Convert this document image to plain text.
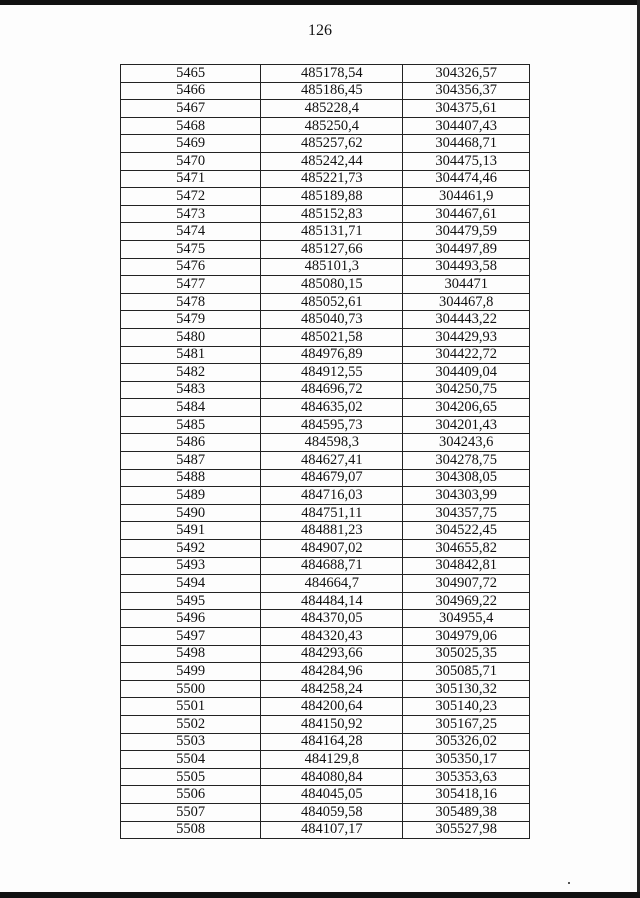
126
5465	485178,54	304326,57
5466	485186,45	304356,37
5467	485228,4	304375,61
5468	485250,4	304407,43
5469	485257,62	304468,71
5470	485242,44	304475,13
5471	485221,73	304474,46
5472	485189,88	304461,9
5473	485152,83	304467,61
5474	485131,71	304479,59
5475	485127,66	304497,89
5476	485101,3	304493,58
5477	485080,15	304471
5478	485052,61	304467,8
5479	485040,73	304443,22
5480	485021,58	304429,93
5481	484976,89	304422,72
5482	484912,55	304409,04
5483	484696,72	304250,75
5484	484635,02	304206,65
5485	484595,73	304201,43
5486	484598,3	304243,6
5487	484627,41	304278,75
5488	484679,07	304308,05
5489	484716,03	304303,99
5490	484751,11	304357,75
5491	484881,23	304522,45
5492	484907,02	304655,82
5493	484688,71	304842,81
5494	484664,7	304907,72
5495	484484,14	304969,22
5496	484370,05	304955,4
5497	484320,43	304979,06
5498	484293,66	305025,35
5499	484284,96	305085,71
5500	484258,24	305130,32
5501	484200,64	305140,23
5502	484150,92	305167,25
5503	484164,28	305326,02
5504	484129,8	305350,17
5505	484080,84	305353,63
5506	484045,05	305418,16
5507	484059,58	305489,38
5508	484107,17	305527,98
